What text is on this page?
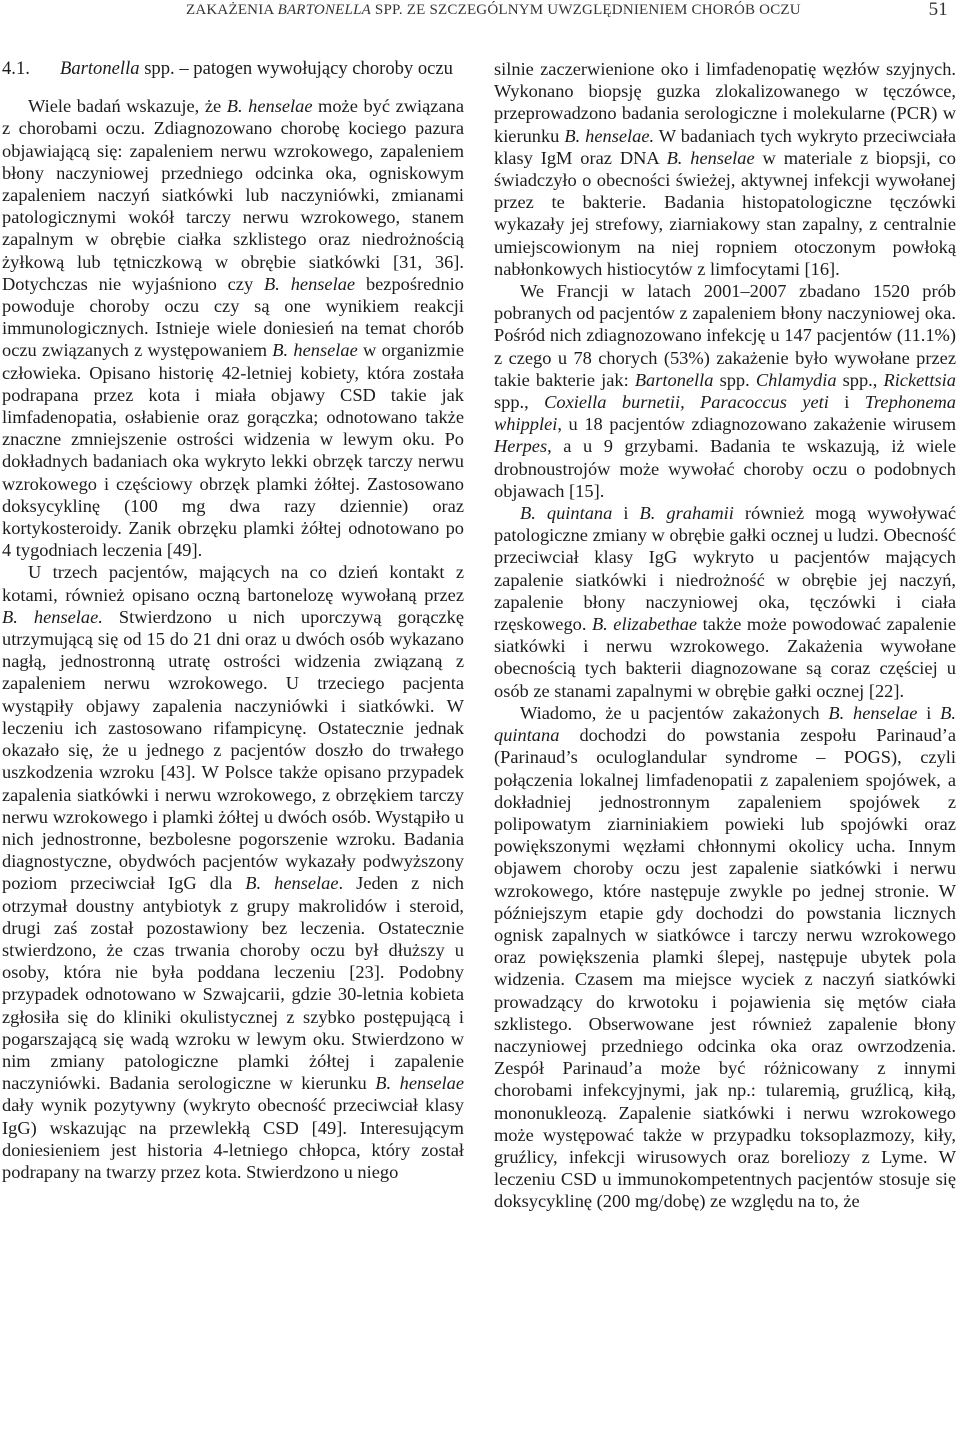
ZAKAŻENIA BARTONELLA SPP. ZE SZCZEGÓLNYM UWZGLĘDNIENIEM CHORÓB OCZU	51
4.1.	Bartonella spp. – patogen wywołujący choroby oczu

Wiele badań wskazuje, że B. henselae może być związana z chorobami oczu. Zdiagnozowano chorobę kociego pazura objawiającą się: zapaleniem nerwu wzrokowego, zapaleniem błony naczyniowej przedniego odcinka oka, ogniskowym zapaleniem naczyń siatkówki lub naczyniówki, zmianami patologicznymi wokół tarczy nerwu wzrokowego, stanem zapalnym w obrębie ciałka szklistego oraz niedrożnością żyłkową lub tętniczkową w obrębie siatkówki [31, 36]. Dotychczas nie wyjaśniono czy B. henselae bezpośrednio powoduje choroby oczu czy są one wynikiem reakcji immunologicznych. Istnieje wiele doniesień na temat chorób oczu związanych z występowaniem B. henselae w organizmie człowieka. Opisano historię 42-letniej kobiety, która została podrapana przez kota i miała objawy CSD takie jak limfadenopatia, osłabienie oraz gorączka; odnotowano także znaczne zmniejszenie ostrości widzenia w lewym oku. Po dokładnych badaniach oka wykryto lekki obrzęk tarczy nerwu wzrokowego i częściowy obrzęk plamki żółtej. Zastosowano doksycyklinę (100 mg dwa razy dziennie) oraz kortykosteroidy. Zanik obrzęku plamki żółtej odnotowano po 4 tygodniach leczenia [49].

U trzech pacjentów, mających na co dzień kontakt z kotami, również opisano oczną bartonelozę wywołaną przez B. henselae. Stwierdzono u nich uporczywą gorączkę utrzymującą się od 15 do 21 dni oraz u dwóch osób wykazano nagłą, jednostronną utratę ostrości widzenia związaną z zapaleniem nerwu wzrokowego. U trzeciego pacjenta wystąpiły objawy zapalenia naczyniówki i siatkówki. W leczeniu ich zastosowano rifampicynę. Ostatecznie jednak okazało się, że u jednego z pacjentów doszło do trwałego uszkodzenia wzroku [43]. W Polsce także opisano przypadek zapalenia siatkówki i nerwu wzrokowego, z obrzękiem tarczy nerwu wzrokowego i plamki żółtej u dwóch osób. Wystąpiło u nich jednostronne, bezbolesne pogorszenie wzroku. Badania diagnostyczne, obydwóch pacjentów wykazały podwyższony poziom przeciwciał IgG dla B. henselae. Jeden z nich otrzymał doustny antybiotyk z grupy makrolidów i steroid, drugi zaś został pozostawiony bez leczenia. Ostatecznie stwierdzono, że czas trwania choroby oczu był dłuższy u osoby, która nie była poddana leczeniu [23]. Podobny przypadek odnotowano w Szwajcarii, gdzie 30-letnia kobieta zgłosiła się do kliniki okulistycznej z szybko postępującą i pogarszającą się wadą wzroku w lewym oku. Stwierdzono w nim zmiany patologiczne plamki żółtej i zapalenie naczyniówki. Badania serologiczne w kierunku B. henselae dały wynik pozytywny (wykryto obecność przeciwciał klasy IgG) wskazując na przewlekłą CSD [49]. Interesującym doniesieniem jest historia 4-letniego chłopca, który został podrapany na twarzy przez kota. Stwierdzono u niego

silnie zaczerwienione oko i limfadenopatię węzłów szyjnych. Wykonano biopsję guzka zlokalizowanego w tęczówce, przeprowadzono badania serologiczne i molekularne (PCR) w kierunku B. henselae. W badaniach tych wykryto przeciwciała klasy IgM oraz DNA B. henselae w materiale z biopsji, co świadczyło o obecności świeżej, aktywnej infekcji wywołanej przez te bakterie. Badania histopatologiczne tęczówki wykazały jej strefowy, ziarniakowy stan zapalny, z centralnie umiejscowionym na niej ropniem otoczonym powłoką nabłonkowych histiocytów z limfocytami [16].

We Francji w latach 2001–2007 zbadano 1520 prób pobranych od pacjentów z zapaleniem błony naczyniowej oka. Pośród nich zdiagnozowano infekcję u 147 pacjentów (11.1%) z czego u 78 chorych (53%) zakażenie było wywołane przez takie bakterie jak: Bartonella spp. Chlamydia spp., Rickettsia spp., Coxiella burnetii, Paracoccus yeti i Trephonema whipplei, u 18 pacjentów zdiagnozowano zakażenie wirusem Herpes, a u 9 grzybami. Badania te wskazują, iż wiele drobnoustrojów może wywołać choroby oczu o podobnych objawach [15].

B. quintana i B. grahamii również mogą wywoływać patologiczne zmiany w obrębie gałki ocznej u ludzi. Obecność przeciwciał klasy IgG wykryto u pacjentów mających zapalenie siatkówki i niedrożność w obrębie jej naczyń, zapalenie błony naczyniowej oka, tęczówki i ciała rzęskowego. B. elizabethae także może powodować zapalenie siatkówki i nerwu wzrokowego. Zakażenia wywołane obecnością tych bakterii diagnozowane są coraz częściej u osób ze stanami zapalnymi w obrębie gałki ocznej [22].

Wiadomo, że u pacjentów zakażonych B. henselae i B. quintana dochodzi do powstania zespołu Parinaud’a (Parinaud’s oculoglandular syndrome – POGS), czyli połączenia lokalnej limfadenopatii z zapaleniem spojówek, a dokładniej jednostronnym zapaleniem spojówek z polipowatym ziarniniakiem powieki lub spojówki oraz powiększonymi węzłami chłonnymi okolicy ucha. Innym objawem choroby oczu jest zapalenie siatkówki i nerwu wzrokowego, które następuje zwykle po jednej stronie. W późniejszym etapie gdy dochodzi do powstania licznych ognisk zapalnych w siatkówce i tarczy nerwu wzrokowego oraz powiększenia plamki ślepej, następuje ubytek pola widzenia. Czasem ma miejsce wyciek z naczyń siatkówki prowadzący do krwotoku i pojawienia się mętów ciała szklistego. Obserwowane jest również zapalenie błony naczyniowej przedniego odcinka oka oraz owrzodzenia. Zespół Parinaud’a może być różnicowany z innymi chorobami infekcyjnymi, jak np.: tularemią, gruźlicą, kiłą, mononukleozą. Zapalenie siatkówki i nerwu wzrokowego może występować także w przypadku toksoplazmozy, kiły, gruźlicy, infekcji wirusowych oraz boreliozy z Lyme. W leczeniu CSD u immunokompetentnych pacjentów stosuje się doksycyklinę (200 mg/dobę) ze względu na to, że
